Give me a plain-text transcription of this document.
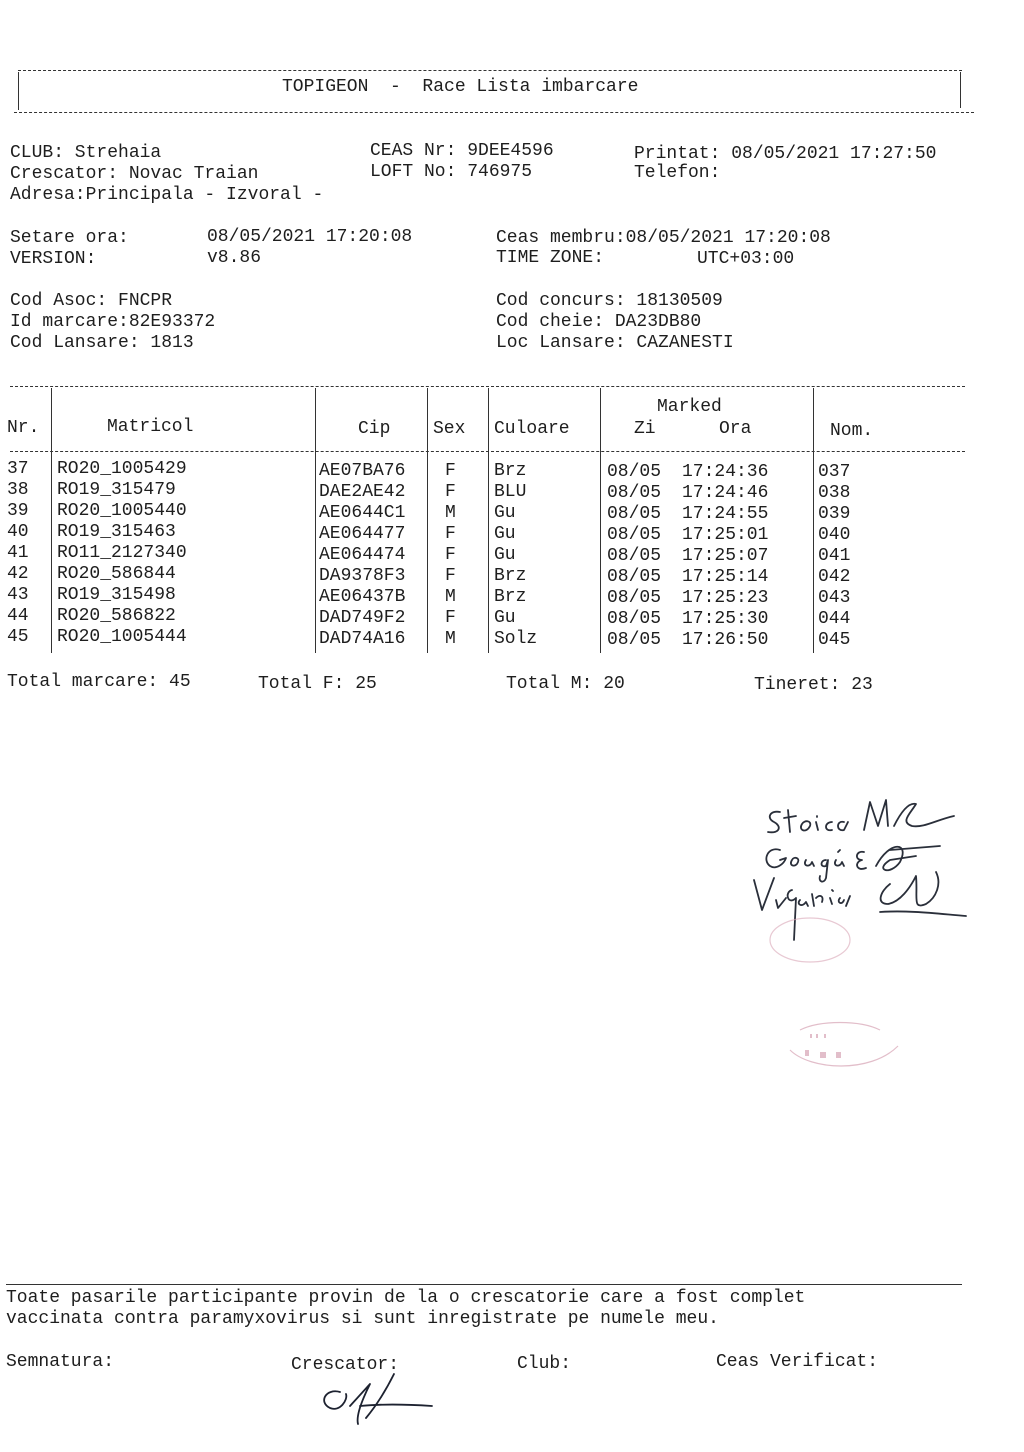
TOPIGEON  -  Race Lista imbarcare
CLUB: Strehaia
Crescator: Novac Traian
Adresa:Principala - Izvoral -
CEAS Nr: 9DEE4596
LOFT No: 746975
Printat: 08/05/2021 17:27:50
Telefon:
Setare ora:	08/05/2021 17:20:08
VERSION:	v8.86
Ceas membru:08/05/2021 17:20:08
TIME ZONE:	UTC+03:00
Cod Asoc: FNCPR
Id marcare:82E93372
Cod Lansare: 1813
Cod concurs: 18130509
Cod cheie: DA23DB80
Loc Lansare: CAZANESTI
Nr.	Matricol	Cip Sex Culoare
Marked
Zi	Ora	Nom.
37 RO20_1005429	AE07BA76 F Brz	08/05 17:24:36	037
38 RO19_315479	DAE2AE42 F BLU	08/05 17:24:46	038
39 RO20_1005440	AE0644C1 M Gu	08/05 17:24:55	039
40 RO19_315463	AE064477 F Gu	08/05 17:25:01	040
41 RO11_2127340	AE064474 F Gu	08/05 17:25:07	041
42 RO20_586844	DA9378F3 F Brz	08/05 17:25:14	042
43 RO19_315498	AE06437B M Brz	08/05 17:25:23	043
44 RO20_586822	DAD749F2 F Gu	08/05 17:25:30	044
45 RO20_1005444	DAD74A16 M Solz	08/05 17:26:50	045
Total marcare: 45	Total F: 25	Total M: 20	Tineret: 23
Toate pasarile participante provin de la o crescatorie care a fost complet
vaccinata contra paramyxovirus si sunt inregistrate pe numele meu.
Semnatura:	Crescator:	Club:	Ceas Verificat:
